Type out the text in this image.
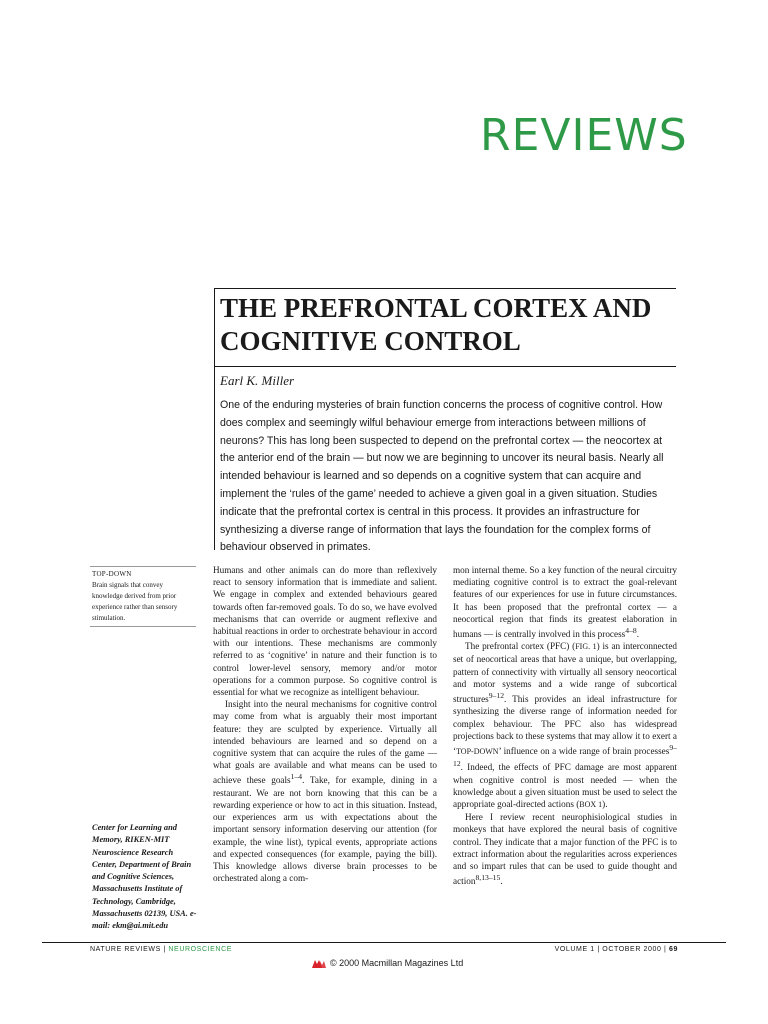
REVIEWS
THE PREFRONTAL CORTEX AND
COGNITIVE CONTROL
Earl K. Miller

One of the enduring mysteries of brain function concerns the process of cognitive control. How does complex and seemingly wilful behaviour emerge from interactions between millions of neurons? This has long been suspected to depend on the prefrontal cortex — the neocortex at the anterior end of the brain — but now we are beginning to uncover its neural basis. Nearly all intended behaviour is learned and so depends on a cognitive system that can acquire and implement the ‘rules of the game’ needed to achieve a given goal in a given situation. Studies indicate that the prefrontal cortex is central in this process. It provides an infrastructure for synthesizing a diverse range of information that lays the foundation for the complex forms of behaviour observed in primates.

TOP-DOWN
Brain signals that convey knowledge derived from prior experience rather than sensory stimulation.
Center for Learning and Memory, RIKEN-MIT Neuroscience Research Center, Department of Brain and Cognitive Sciences, Massachusetts Institute of Technology, Cambridge, Massachusetts 02139, USA. e-mail: ekm@ai.mit.edu

Humans and other animals can do more than reflexively react to sensory information that is immediate and salient. We engage in complex and extended behaviours geared towards often far-removed goals. To do so, we have evolved mechanisms that can override or augment reflexive and habitual reactions in order to orchestrate behaviour in accord with our intentions. These mechanisms are commonly referred to as ‘cognitive’ in nature and their function is to control lower-level sensory, memory and/or motor operations for a common purpose. So cognitive control is essential for what we recognize as intelligent behaviour.

Insight into the neural mechanisms for cognitive control may come from what is arguably their most important feature: they are sculpted by experience. Virtually all intended behaviours are learned and so depend on a cognitive system that can acquire the rules of the game — what goals are available and what means can be used to achieve these goals$^{1-4}$. Take, for example, dining in a restaurant. We are not born knowing that this can be a rewarding experience or how to act in this situation. Instead, our experiences arm us with expectations about the important sensory information deserving our attention (for example, the wine list), typical events, appropriate actions and expected consequences (for example, paying the bill). This knowledge allows diverse brain processes to be orchestrated along a com-

mon internal theme. So a key function of the neural circuitry mediating cognitive control is to extract the goal-relevant features of our experiences for use in future circumstances. It has been proposed that the prefrontal cortex — a neocortical region that finds its greatest elaboration in humans — is centrally involved in this process$^{4-8}$.

The prefrontal cortex (PFC) (FIG. 1) is an interconnected set of neocortical areas that have a unique, but overlapping, pattern of connectivity with virtually all sensory neocortical and motor systems and a wide range of subcortical structures$^{9-12}$. This provides an ideal infrastructure for synthesizing the diverse range of information needed for complex behaviour. The PFC also has widespread projections back to these systems that may allow it to exert a ‘TOP-DOWN’ influence on a wide range of brain processes$^{9-12}$. Indeed, the effects of PFC damage are most apparent when cognitive control is most needed — when the knowledge about a given situation must be used to select the appropriate goal-directed actions (BOX 1).

Here I review recent neurophisiological studies in monkeys that have explored the neural basis of cognitive control. They indicate that a major function of the PFC is to extract information about the regularities across experiences and so impart rules that can be used to guide thought and action$^{8,13-15}$.

NATURE REVIEWS | NEUROSCIENCE	VOLUME 1 | OCTOBER 2000 | 69
© 2000 Macmillan Magazines Ltd
